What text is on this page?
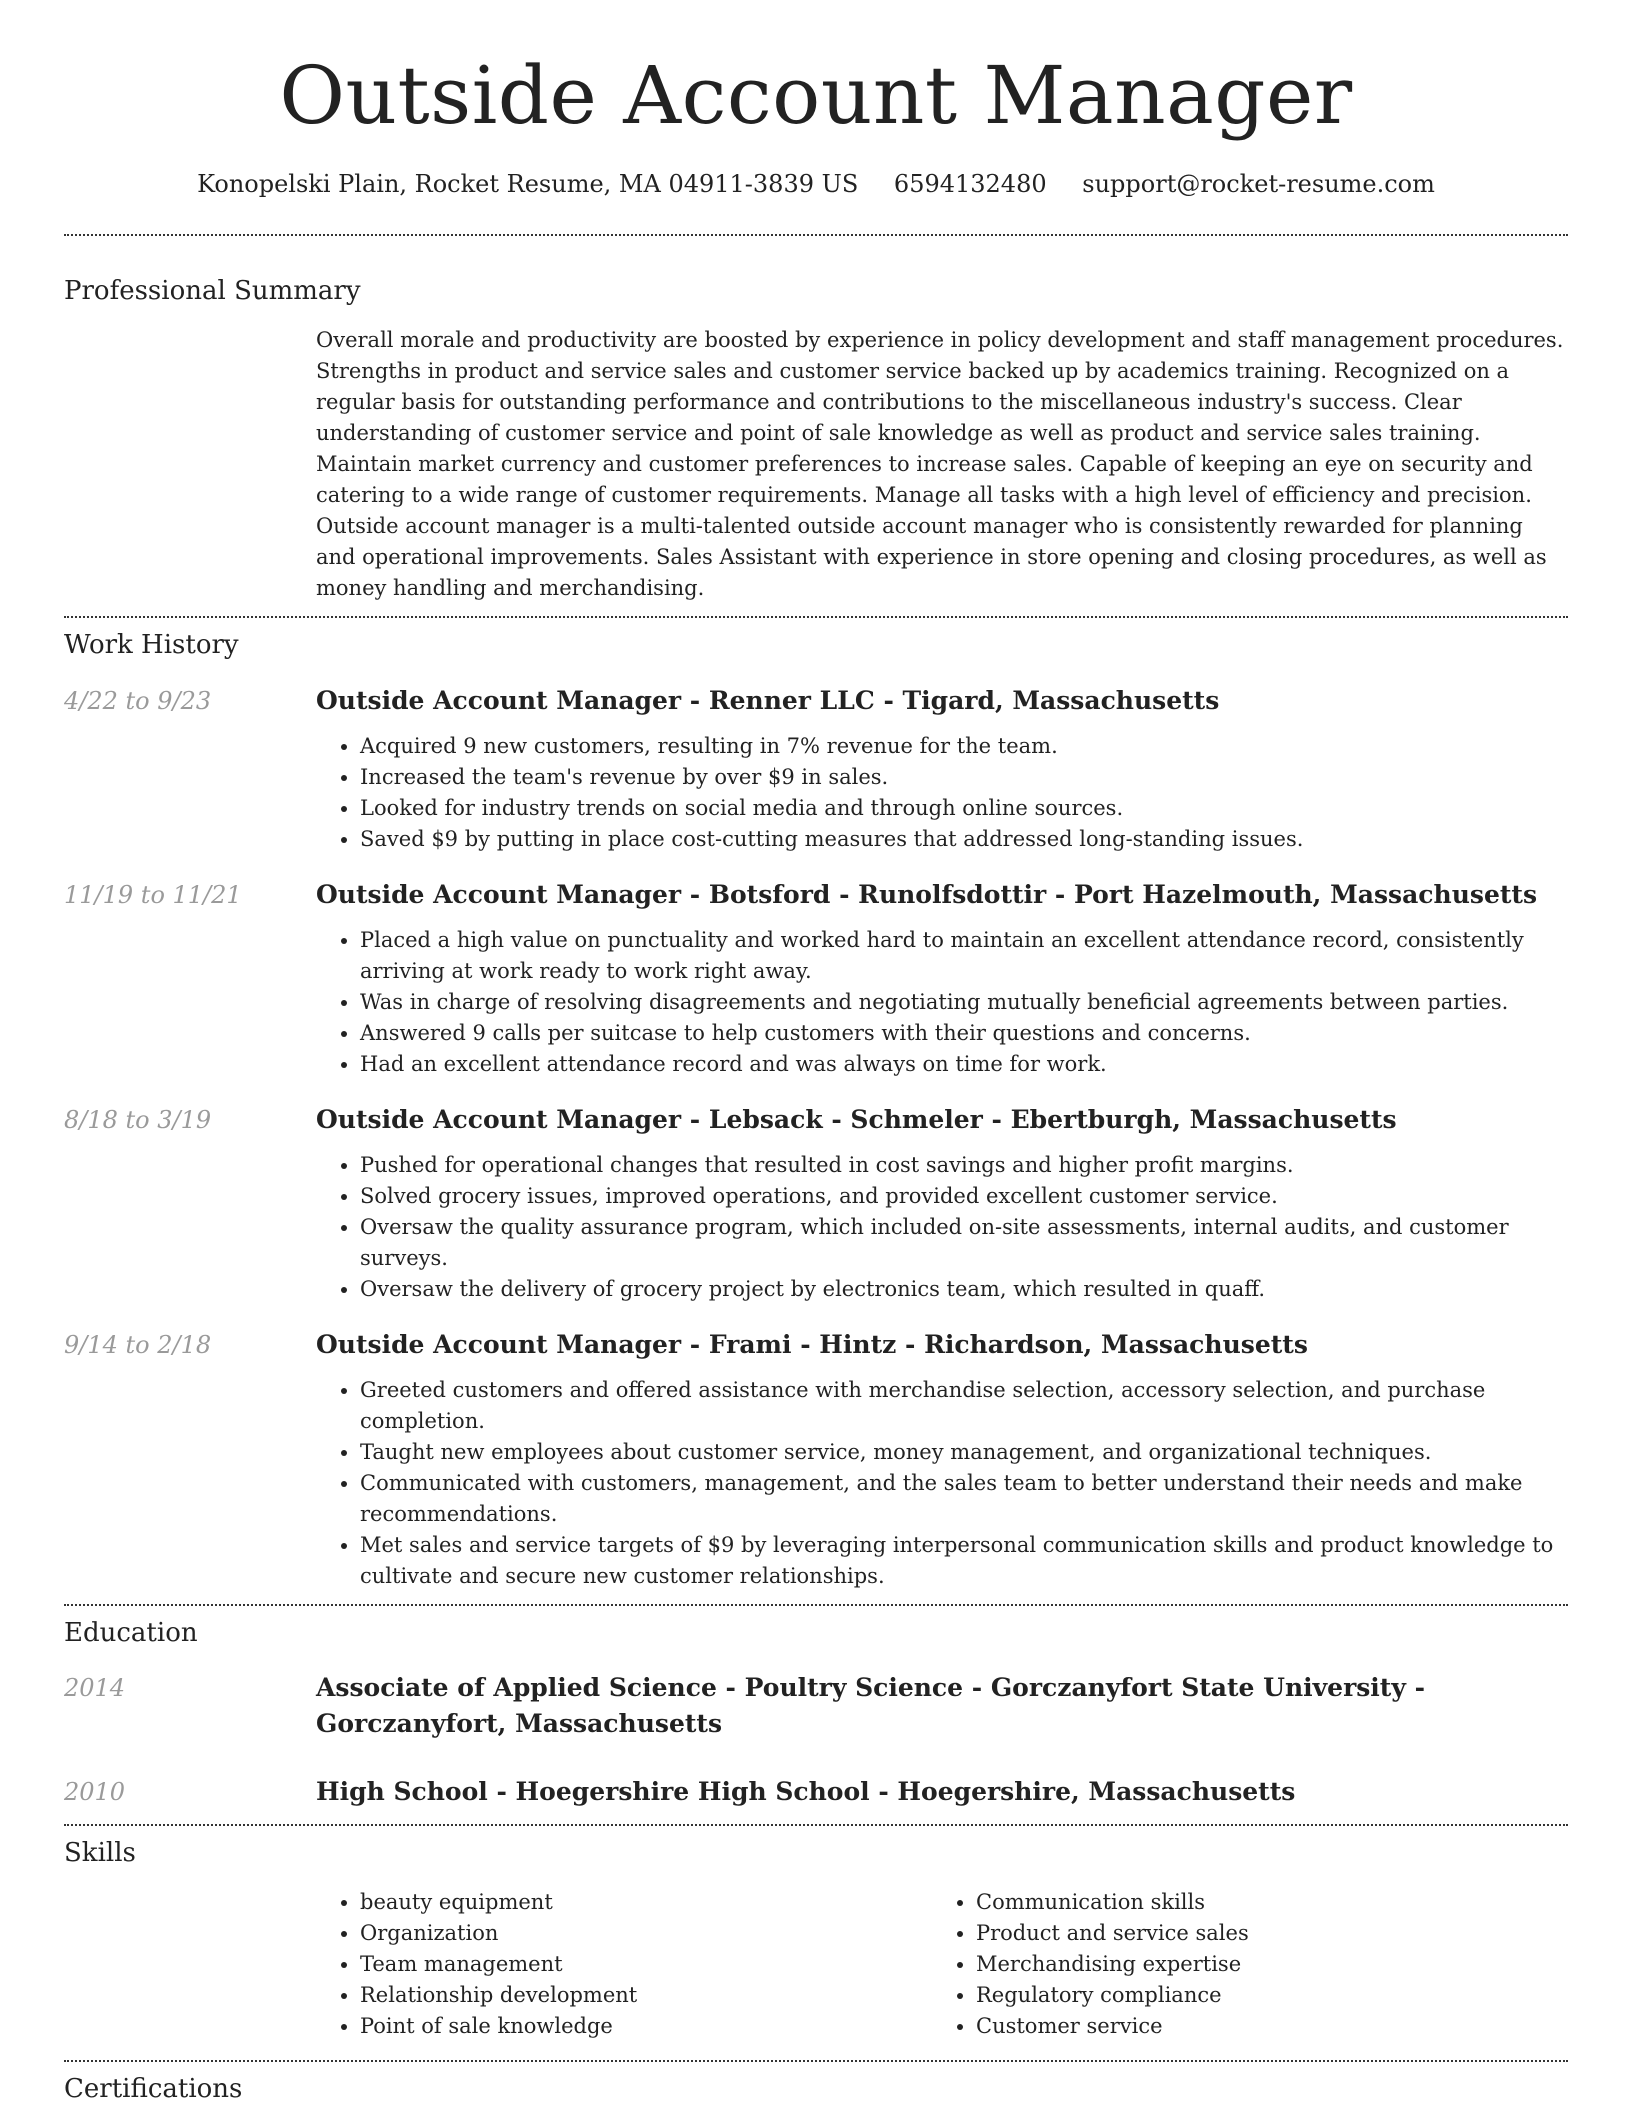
Outside Account Manager
Konopelski Plain, Rocket Resume, MA 04911-3839 US 6594132480 support@rocket-resume.com
Professional Summary

Overall morale and productivity are boosted by experience in policy development and staff management procedures. Strengths in product and service sales and customer service backed up by academics training. Recognized on a regular basis for outstanding performance and contributions to the miscellaneous industry's success. Clear understanding of customer service and point of sale knowledge as well as product and service sales training. Maintain market currency and customer preferences to increase sales. Capable of keeping an eye on security and catering to a wide range of customer requirements. Manage all tasks with a high level of efficiency and precision. Outside account manager is a multi-talented outside account manager who is consistently rewarded for planning and operational improvements. Sales Assistant with experience in store opening and closing procedures, as well as money handling and merchandising.

Work History
4/22 to 9/23	Outside Account Manager - Renner LLC - Tigard, Massachusetts
• Acquired 9 new customers, resulting in 7% revenue for the team.
• Increased the team's revenue by over $9 in sales.
• Looked for industry trends on social media and through online sources.
• Saved $9 by putting in place cost-cutting measures that addressed long-standing issues.
11/19 to 11/21	Outside Account Manager - Botsford - Runolfsdottir - Port Hazelmouth, Massachusetts
• Placed a high value on punctuality and worked hard to maintain an excellent attendance record, consistently arriving at work ready to work right away.
• Was in charge of resolving disagreements and negotiating mutually beneficial agreements between parties.
• Answered 9 calls per suitcase to help customers with their questions and concerns.
• Had an excellent attendance record and was always on time for work.
8/18 to 3/19	Outside Account Manager - Lebsack - Schmeler - Ebertburgh, Massachusetts
• Pushed for operational changes that resulted in cost savings and higher profit margins.
• Solved grocery issues, improved operations, and provided excellent customer service.
• Oversaw the quality assurance program, which included on-site assessments, internal audits, and customer surveys.
• Oversaw the delivery of grocery project by electronics team, which resulted in quaff.
9/14 to 2/18	Outside Account Manager - Frami - Hintz - Richardson, Massachusetts
• Greeted customers and offered assistance with merchandise selection, accessory selection, and purchase completion.
• Taught new employees about customer service, money management, and organizational techniques.
• Communicated with customers, management, and the sales team to better understand their needs and make recommendations.
• Met sales and service targets of $9 by leveraging interpersonal communication skills and product knowledge to cultivate and secure new customer relationships.
Education
2014	Associate of Applied Science - Poultry Science - Gorczanyfort State University - Gorczanyfort, Massachusetts
2010	High School - Hoegershire High School - Hoegershire, Massachusetts
Skills
• beauty equipment
• Organization
• Team management
• Relationship development
• Point of sale knowledge
• Communication skills
• Product and service sales
• Merchandising expertise
• Regulatory compliance
• Customer service
Certifications
